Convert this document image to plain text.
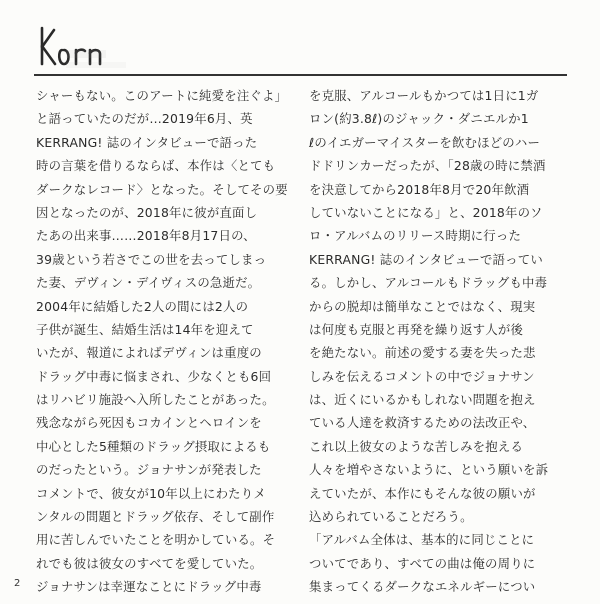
シャーもない。このアートに純愛を注ぐよ」
と語っていたのだが…2019年6月、英
KERRANG! 誌のインタビューで語った
時の言葉を借りるならば、本作は〈とても
ダークなレコード〉となった。そしてその要
因となったのが、2018年に彼が直面し
たあの出来事……2018年8月17日の、
39歳という若さでこの世を去ってしまっ
た妻、デヴィン・デイヴィスの急逝だ。
2004年に結婚した2人の間には2人の
子供が誕生、結婚生活は14年を迎えて
いたが、報道によればデヴィンは重度の
ドラッグ中毒に悩まされ、少なくとも6回
はリハビリ施設へ入所したことがあった。
残念ながら死因もコカインとヘロインを
中心とした5種類のドラッグ摂取によるも
のだったという。ジョナサンが発表した
コメントで、彼女が10年以上にわたりメ
ンタルの問題とドラッグ依存、そして副作
用に苦しんでいたことを明かしている。そ
れでも彼は彼女のすべてを愛していた。
ジョナサンは幸運なことにドラッグ中毒
を克服、アルコールもかつては1日に1ガ
ロン(約3.8ℓ)のジャック・ダニエルか1
ℓのイエガーマイスターを飲むほどのハー
ドドリンカーだったが、「28歳の時に禁酒
を決意してから2018年8月で20年飲酒
していないことになる」と、2018年のソ
ロ・アルバムのリリース時期に行った
KERRANG! 誌のインタビューで語ってい
る。しかし、アルコールもドラッグも中毒
からの脱却は簡単なことではなく、現実
は何度も克服と再発を繰り返す人が後
を絶たない。前述の愛する妻を失った悲
しみを伝えるコメントの中でジョナサン
は、近くにいるかもしれない問題を抱え
ている人達を救済するための法改正や、
これ以上彼女のような苦しみを抱える
人々を増やさないように、という願いを訴
えていたが、本作にもそんな彼の願いが
込められていることだろう。
「アルバム全体は、基本的に同じことに
ついてであり、すべての曲は俺の周りに
集まってくるダークなエネルギーについ
2
